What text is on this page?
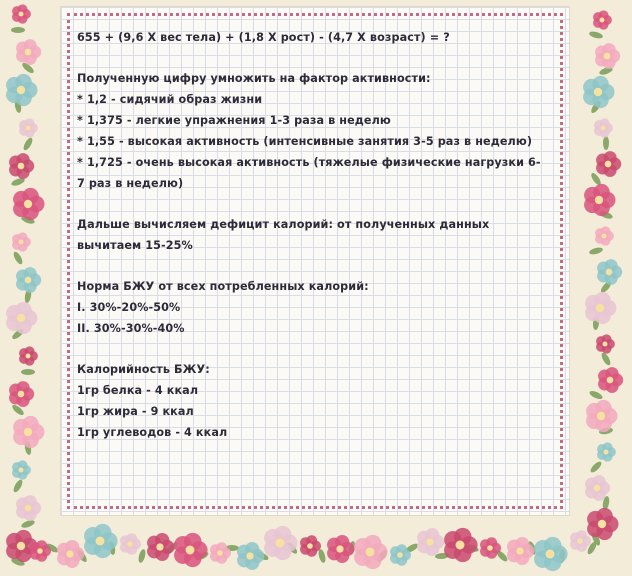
655 + (9,6 X вес тела) + (1,8 X рост) - (4,7 X возраст) = ?

Полученную цифру умножить на фактор активности:

* 1,2 - сидячий образ жизни

* 1,375 - легкие упражнения 1-3 раза в неделю

* 1,55 - высокая активность (интенсивные занятия 3-5 раз в неделю)

* 1,725 - очень высокая активность (тяжелые физические нагрузки 6-7 раз в неделю)

Дальше вычисляем дефицит калорий: от полученных данных вычитаем 15-25%

Норма БЖУ от всех потребленных калорий:

I. 30%-20%-50%

II. 30%-30%-40%

Калорийность БЖУ:

1гр белка - 4 ккал

1гр жира - 9 ккал

1гр углеводов - 4 ккал
